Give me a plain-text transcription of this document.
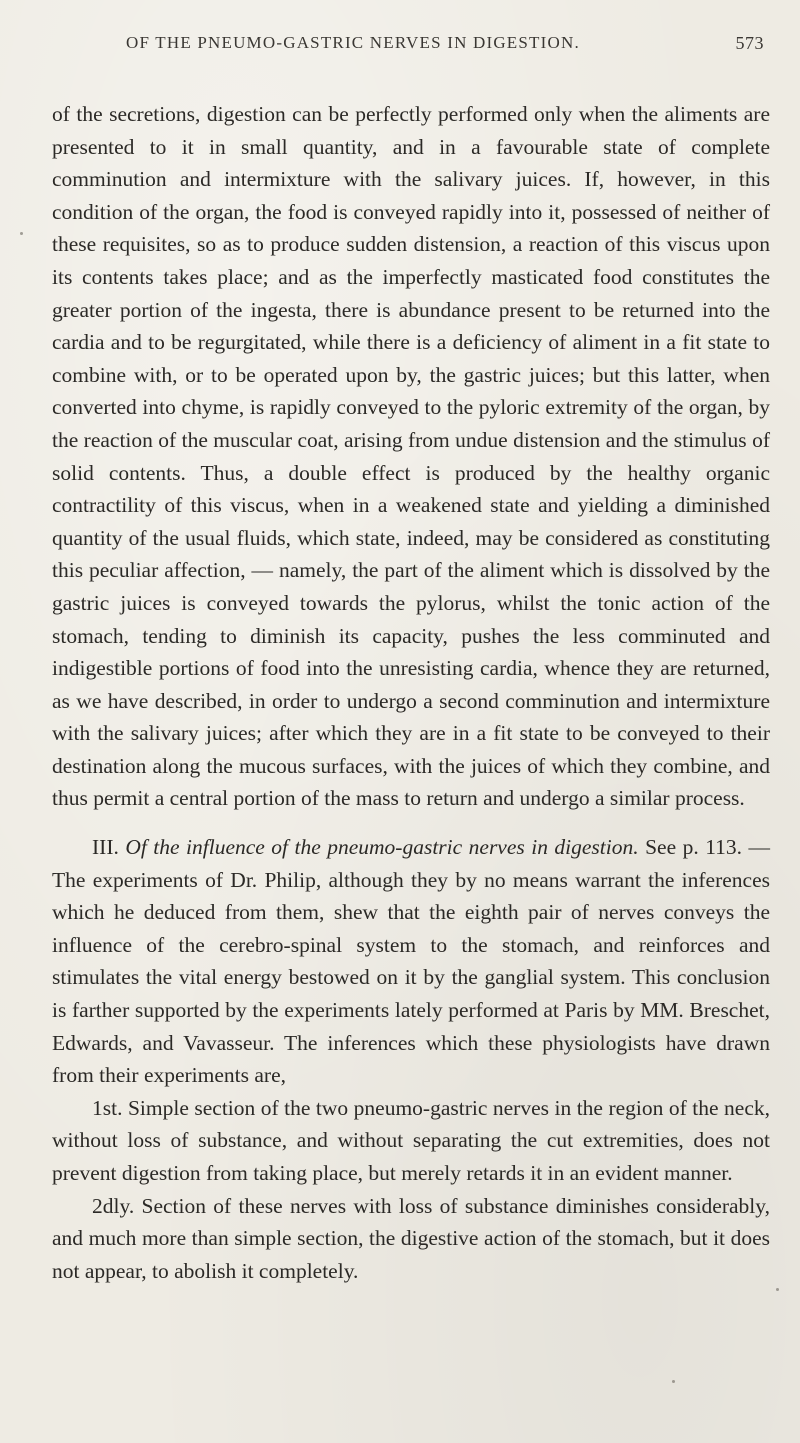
OF THE PNEUMO-GASTRIC NERVES IN DIGESTION.	573

of the secretions, digestion can be perfectly performed only when the aliments are presented to it in small quantity, and in a favourable state of complete comminution and intermixture with the salivary juices. If, however, in this condition of the organ, the food is conveyed rapidly into it, possessed of neither of these requisites, so as to produce sudden distension, a reaction of this viscus upon its contents takes place; and as the imperfectly masticated food constitutes the greater portion of the ingesta, there is abundance present to be returned into the cardia and to be regurgitated, while there is a deficiency of aliment in a fit state to combine with, or to be operated upon by, the gastric juices; but this latter, when converted into chyme, is rapidly conveyed to the pyloric extremity of the organ, by the reaction of the muscular coat, arising from undue distension and the stimulus of solid contents. Thus, a double effect is produced by the healthy organic contractility of this viscus, when in a weakened state and yielding a diminished quantity of the usual fluids, which state, indeed, may be considered as constituting this peculiar affection, — namely, the part of the aliment which is dissolved by the gastric juices is conveyed towards the pylorus, whilst the tonic action of the stomach, tending to diminish its capacity, pushes the less comminuted and indigestible portions of food into the unresisting cardia, whence they are returned, as we have described, in order to undergo a second comminution and intermixture with the salivary juices; after which they are in a fit state to be conveyed to their destination along the mucous surfaces, with the juices of which they combine, and thus permit a central portion of the mass to return and undergo a similar process.

III. Of the influence of the pneumo-gastric nerves in digestion. See p. 113. — The experiments of Dr. Philip, although they by no means warrant the inferences which he deduced from them, shew that the eighth pair of nerves conveys the influence of the cerebro-spinal system to the stomach, and reinforces and stimulates the vital energy bestowed on it by the ganglial system. This conclusion is farther supported by the experiments lately performed at Paris by MM. Breschet, Edwards, and Vavasseur. The inferences which these physiologists have drawn from their experiments are,

1st. Simple section of the two pneumo-gastric nerves in the region of the neck, without loss of substance, and without separating the cut extremities, does not prevent digestion from taking place, but merely retards it in an evident manner.

2dly. Section of these nerves with loss of substance diminishes considerably, and much more than simple section, the digestive action of the stomach, but it does not appear, to abolish it completely.
